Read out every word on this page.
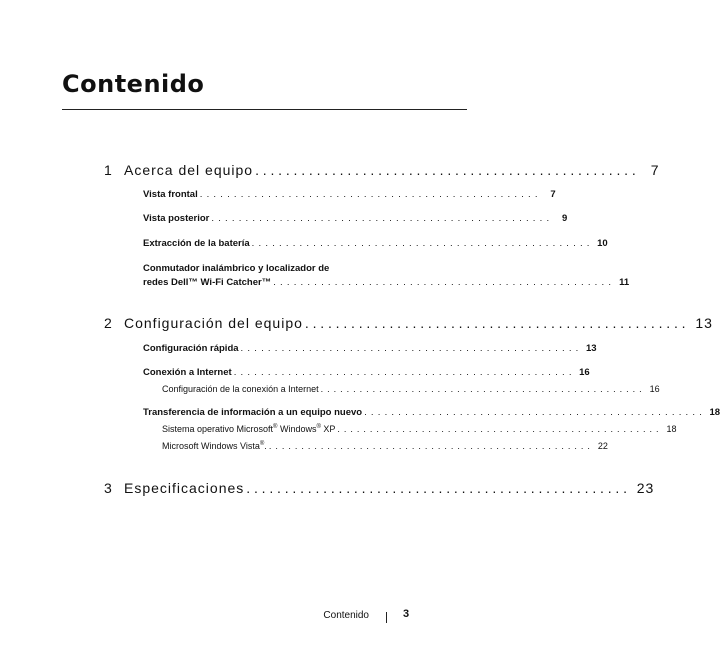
Contenido
1 Acerca del equipo .................................................. 7
Vista frontal .................................................. 7
Vista posterior .................................................. 9
Extracción de la batería .................................................. 10
Conmutador inalámbrico y localizador de
redes Dell™ Wi-Fi Catcher™ .................................................. 11
2 Configuración del equipo .................................................. 13
Configuración rápida .................................................. 13
Conexión a Internet .................................................. 16
Configuración de la conexión a Internet .................................................. 16
Transferencia de información a un equipo nuevo .................................................. 18
Sistema operativo Microsoft® Windows® XP .................................................. 18
Microsoft Windows Vista®. .................................................. 22
3 Especificaciones .................................................. 23
Contenido	3
